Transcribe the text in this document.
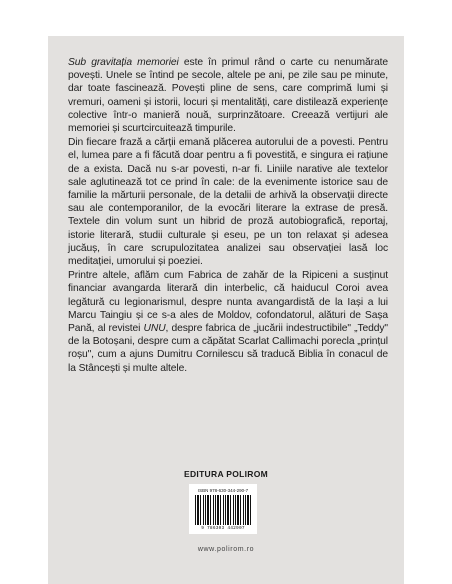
Sub gravitația memoriei este în primul rând o carte cu nenumărate povești. Unele se întind pe secole, altele pe ani, pe zile sau pe minute, dar toate fascinează. Povești pline de sens, care comprimă lumi și vremuri, oameni și istorii, locuri și mentalități, care distilează experiențe colective într-o manieră nouă, surprinzătoare. Creează vertijuri ale memoriei și scurtcircuitează timpurile.

Din fiecare frază a cărții emană plăcerea autorului de a povesti. Pentru el, lumea pare a fi făcută doar pentru a fi povestită, e singura ei rațiune de a exista. Dacă nu s-ar povesti, n-ar fi. Liniile narative ale textelor sale aglutinează tot ce prind în cale: de la evenimente istorice sau de familie la mărturii personale, de la detalii de arhivă la observații directe sau ale contemporanilor, de la evocări literare la extrase de presă. Textele din volum sunt un hibrid de proză autobiografică, reportaj, istorie literară, studii culturale și eseu, pe un ton relaxat și adesea jucăuș, în care scrupulozitatea analizei sau observației lasă loc meditației, umorului și poeziei.

Printre altele, aflăm cum Fabrica de zahăr de la Ripiceni a susținut financiar avangarda literară din interbelic, că haiducul Coroi avea legătură cu legionarismul, despre nunta avangardistă de la Iași a lui Marcu Taingiu și ce s-a ales de Moldov, cofondatorul, alături de Sașa Pană, al revistei UNU, despre fabrica de „jucării indestructibile" „Teddy" de la Botoșani, despre cum a căpătat Scarlat Callimachi porecla „prințul roșu", cum a ajuns Dumitru Cornilescu să traducă Biblia în conacul de la Stâncești și multe altele.

EDITURA POLIROM
ISBN 978-630-344-290-7
9 786303 442907
www.polirom.ro
